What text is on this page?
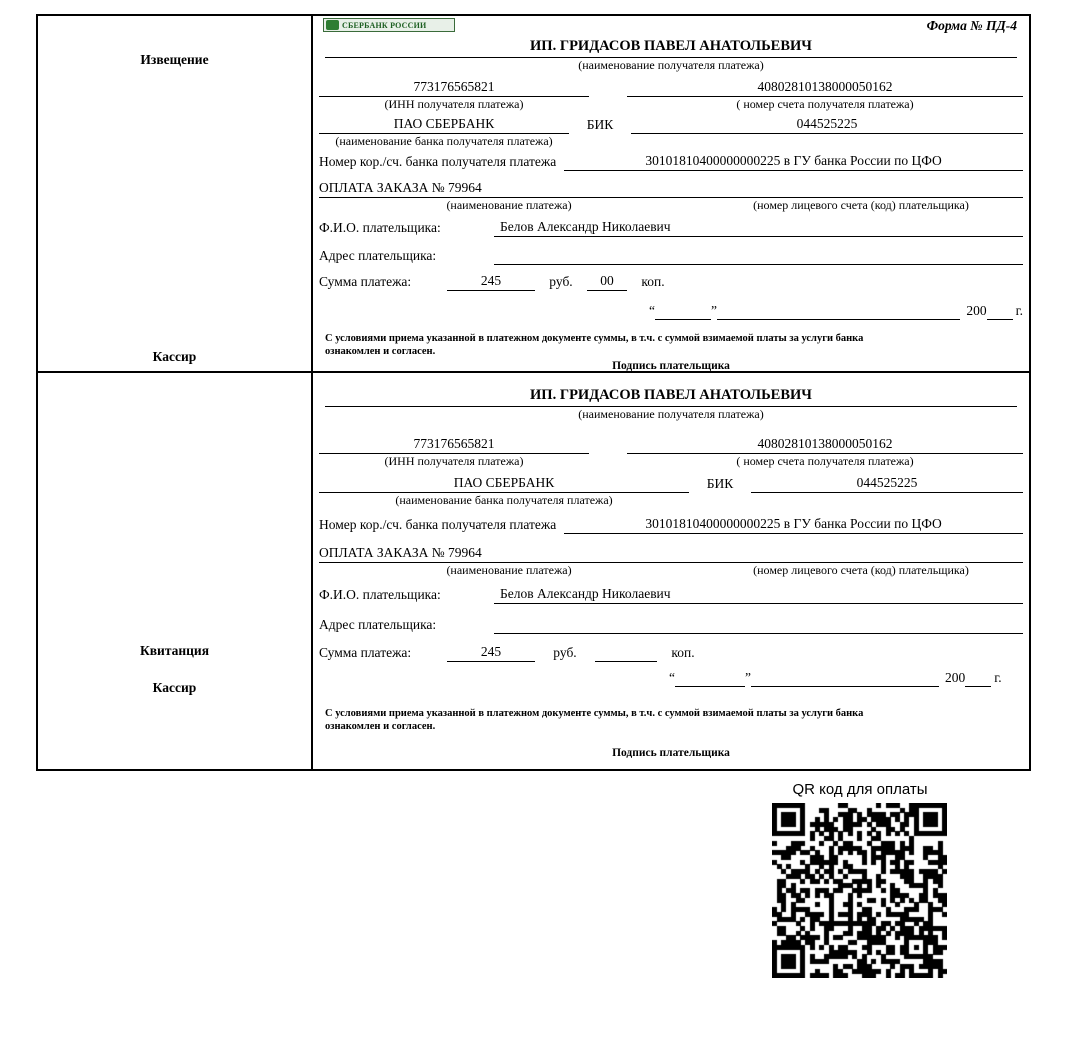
Извещение
Кассир
СБЕРБАНК РОССИИ	Форма № ПД-4
ИП. ГРИДАСОВ ПАВЕЛ АНАТОЛЬЕВИЧ
(наименование получателя платежа)
773176565821	40802810138000050162
(ИНН получателя платежа)	( номер счета получателя платежа)
ПАО СБЕРБАНК	БИК	044525225
(наименование банка получателя платежа)
Номер кор./сч. банка получателя платежа	30101810400000000225 в ГУ банка России по ЦФО
ОПЛАТА ЗАКАЗА № 79964
(наименование платежа)	(номер лицевого счета (код) плательщика)
Ф.И.О. плательщика:	Белов Александр Николаевич
Адрес плательщика:
Сумма платежа:	245	руб.	00	коп.
“	”	200 г.
С условиями приема указанной в платежном документе суммы, в т.ч. с суммой взимаемой платы за услуги банка
ознакомлен и согласен.
Подпись плательщика
Квитанция
Кассир
ИП. ГРИДАСОВ ПАВЕЛ АНАТОЛЬЕВИЧ
(наименование получателя платежа)
773176565821	40802810138000050162
(ИНН получателя платежа)	( номер счета получателя платежа)
ПАО СБЕРБАНК	БИК	044525225
(наименование банка получателя платежа)
Номер кор./сч. банка получателя платежа	30101810400000000225 в ГУ банка России по ЦФО
ОПЛАТА ЗАКАЗА № 79964
(наименование платежа)	(номер лицевого счета (код) плательщика)
Ф.И.О. плательщика:	Белов Александр Николаевич
Адрес плательщика:
Сумма платежа:	245	руб.	коп.
“	”	200 г.
С условиями приема указанной в платежном документе суммы, в т.ч. с суммой взимаемой платы за услуги банка
ознакомлен и согласен.
Подпись плательщика
QR код для оплаты
